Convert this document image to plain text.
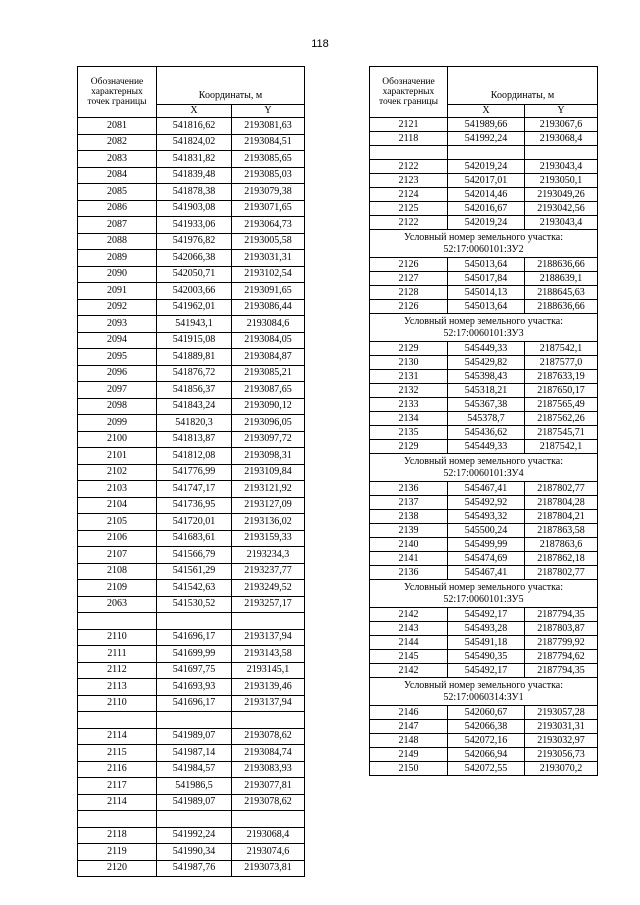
118
Обозначение характерных точек границы	Координаты, м	
	X	Y
2081	541816,62	2193081,63
2082	541824,02	2193084,51
2083	541831,82	2193085,65
2084	541839,48	2193085,03
2085	541878,38	2193079,38
2086	541903,08	2193071,65
2087	541933,06	2193064,73
2088	541976,82	2193005,58
2089	542066,38	2193031,31
2090	542050,71	2193102,54
2091	542003,66	2193091,65
2092	541962,01	2193086,44
2093	541943,1	2193084,6
2094	541915,08	2193084,05
2095	541889,81	2193084,87
2096	541876,72	2193085,21
2097	541856,37	2193087,65
2098	541843,24	2193090,12
2099	541820,3	2193096,05
2100	541813,87	2193097,72
2101	541812,08	2193098,31
2102	541776,99	2193109,84
2103	541747,17	2193121,92
2104	541736,95	2193127,09
2105	541720,01	2193136,02
2106	541683,61	2193159,33
2107	541566,79	2193234,3
2108	541561,29	2193237,77
2109	541542,63	2193249,52
2063	541530,52	2193257,17

2110	541696,17	2193137,94
2111	541699,99	2193143,58
2112	541697,75	2193145,1
2113	541693,93	2193139,46
2110	541696,17	2193137,94

2114	541989,07	2193078,62
2115	541987,14	2193084,74
2116	541984,57	2193083,93
2117	541986,5	2193077,81
2114	541989,07	2193078,62

2118	541992,24	2193068,4
2119	541990,34	2193074,6
2120	541987,76	2193073,81
Обозначение характерных точек границы	Координаты, м	
	X	Y
2121	541989,66	2193067,6
2118	541992,24	2193068,4

2122	542019,24	2193043,4
2123	542017,01	2193050,1
2124	542014,46	2193049,26
2125	542016,67	2193042,56
2122	542019,24	2193043,4
Условный номер земельного участка: 52:17:0060101:ЗУ2		
2126	545013,64	2188636,66
2127	545017,84	2188639,1
2128	545014,13	2188645,63
2126	545013,64	2188636,66
Условный номер земельного участка: 52:17:0060101:ЗУ3		
2129	545449,33	2187542,1
2130	545429,82	2187577,0
2131	545398,43	2187633,19
2132	545318,21	2187650,17
2133	545367,38	2187565,49
2134	545378,7	2187562,26
2135	545436,62	2187545,71
2129	545449,33	2187542,1
Условный номер земельного участка: 52:17:0060101:ЗУ4		
2136	545467,41	2187802,77
2137	545492,92	2187804,28
2138	545493,32	2187804,21
2139	545500,24	2187863,58
2140	545499,99	2187863,6
2141	545474,69	2187862,18
2136	545467,41	2187802,77
Условный номер земельного участка: 52:17:0060101:ЗУ5		
2142	545492,17	2187794,35
2143	545493,28	2187803,87
2144	545491,18	2187799,92
2145	545490,35	2187794,62
2142	545492,17	2187794,35
Условный номер земельного участка: 52:17:0060314:ЗУ1		
2146	542060,67	2193057,28
2147	542066,38	2193031,31
2148	542072,16	2193032,97
2149	542066,94	2193056,73
2150	542072,55	2193070,2
